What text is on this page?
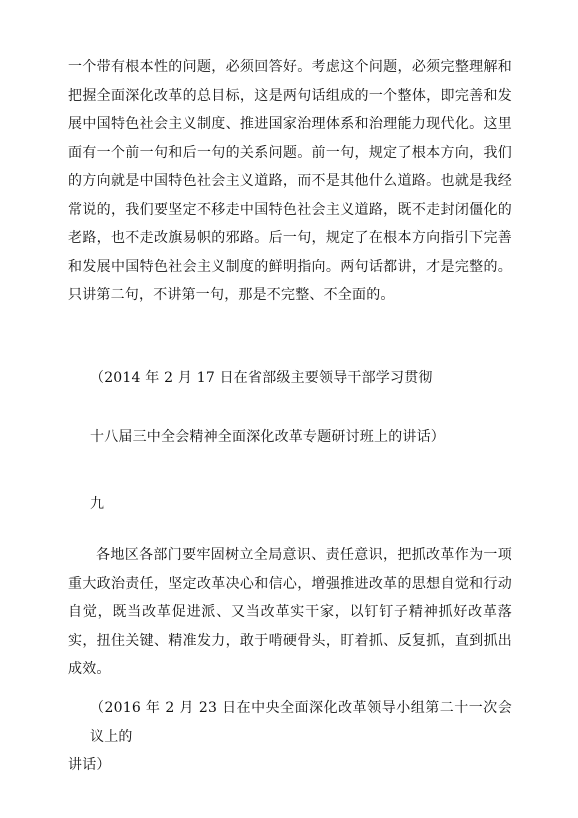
一个带有根本性的问题，必须回答好。考虑这个问题，必须完整理解和把握全面深化改革的总目标，这是两句话组成的一个整体，即完善和发展中国特色社会主义制度、推进国家治理体系和治理能力现代化。这里面有一个前一句和后一句的关系问题。前一句，规定了根本方向，我们的方向就是中国特色社会主义道路，而不是其他什么道路。也就是我经常说的，我们要坚定不移走中国特色社会主义道路，既不走封闭僵化的老路，也不走改旗易帜的邪路。后一句，规定了在根本方向指引下完善和发展中国特色社会主义制度的鲜明指向。两句话都讲，才是完整的。只讲第二句，不讲第一句，那是不完整、不全面的。

（2014 年 2 月 17 日在省部级主要领导干部学习贯彻

十八届三中全会精神全面深化改革专题研讨班上的讲话）

九

各地区各部门要牢固树立全局意识、责任意识，把抓改革作为一项重大政治责任，坚定改革决心和信心，增强推进改革的思想自觉和行动自觉，既当改革促进派、又当改革实干家，以钉钉子精神抓好改革落实，扭住关键、精准发力，敢于啃硬骨头，盯着抓、反复抓，直到抓出成效。

（2016 年 2 月 23 日在中央全面深化改革领导小组第二十一次会议上的
讲话）
